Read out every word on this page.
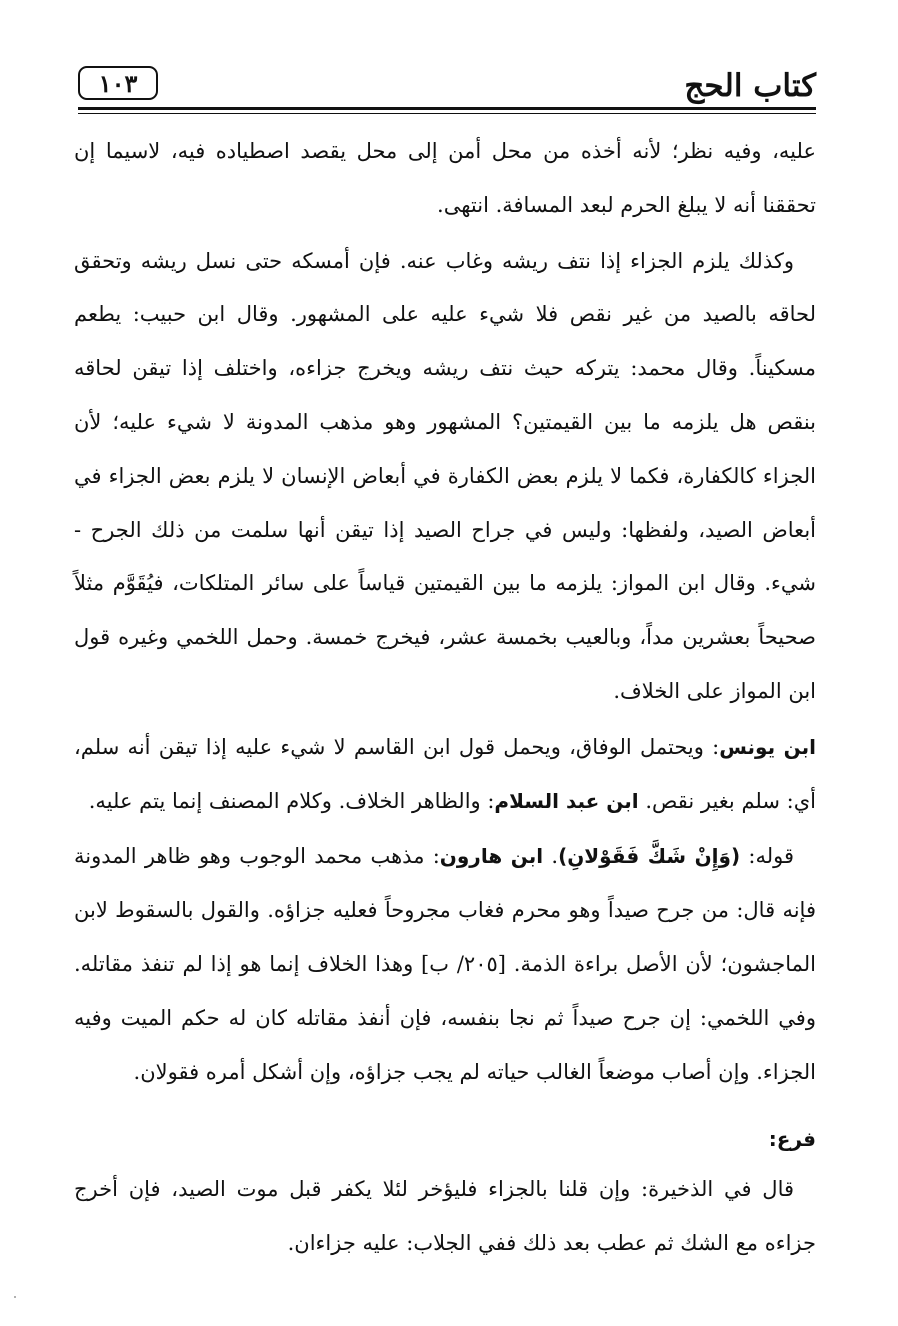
كتاب الحج
١٠٣

عليه، وفيه نظر؛ لأنه أخذه من محل أمن إلى محل يقصد اصطياده فيه، لاسيما إن تحققنا أنه لا يبلغ الحرم لبعد المسافة. انتهى.

وكذلك يلزم الجزاء إذا نتف ريشه وغاب عنه. فإن أمسكه حتى نسل ريشه وتحقق لحاقه بالصيد من غير نقص فلا شيء عليه على المشهور. وقال ابن حبيب: يطعم مسكيناً. وقال محمد: يتركه حيث نتف ريشه ويخرج جزاءه، واختلف إذا تيقن لحاقه بنقص هل يلزمه ما بين القيمتين؟ المشهور وهو مذهب المدونة لا شيء عليه؛ لأن الجزاء كالكفارة، فكما لا يلزم بعض الكفارة في أبعاض الإنسان لا يلزم بعض الجزاء في أبعاض الصيد، ولفظها: وليس في جراح الصيد إذا تيقن أنها سلمت من ذلك الجرح - شيء. وقال ابن المواز: يلزمه ما بين القيمتين قياساً على سائر المتلكات، فيُقَوَّم مثلاً صحيحاً بعشرين مداً، وبالعيب بخمسة عشر، فيخرج خمسة. وحمل اللخمي وغيره قول ابن المواز على الخلاف.

ابن يونس: ويحتمل الوفاق، ويحمل قول ابن القاسم لا شيء عليه إذا تيقن أنه سلم، أي: سلم بغير نقص. ابن عبد السلام: والظاهر الخلاف. وكلام المصنف إنما يتم عليه.

قوله: (وَإِنْ شَكَّ فَقَوْلانِ). ابن هارون: مذهب محمد الوجوب وهو ظاهر المدونة فإنه قال: من جرح صيداً وهو محرم فغاب مجروحاً فعليه جزاؤه. والقول بالسقوط لابن الماجشون؛ لأن الأصل براءة الذمة. [٢٠٥/ ب] وهذا الخلاف إنما هو إذا لم تنفذ مقاتله. وفي اللخمي: إن جرح صيداً ثم نجا بنفسه، فإن أنفذ مقاتله كان له حكم الميت وفيه الجزاء. وإن أصاب موضعاً الغالب حياته لم يجب جزاؤه، وإن أشكل أمره فقولان.

فرع:

قال في الذخيرة: وإن قلنا بالجزاء فليؤخر لئلا يكفر قبل موت الصيد، فإن أخرج جزاءه مع الشك ثم عطب بعد ذلك ففي الجلاب: عليه جزاءان.
